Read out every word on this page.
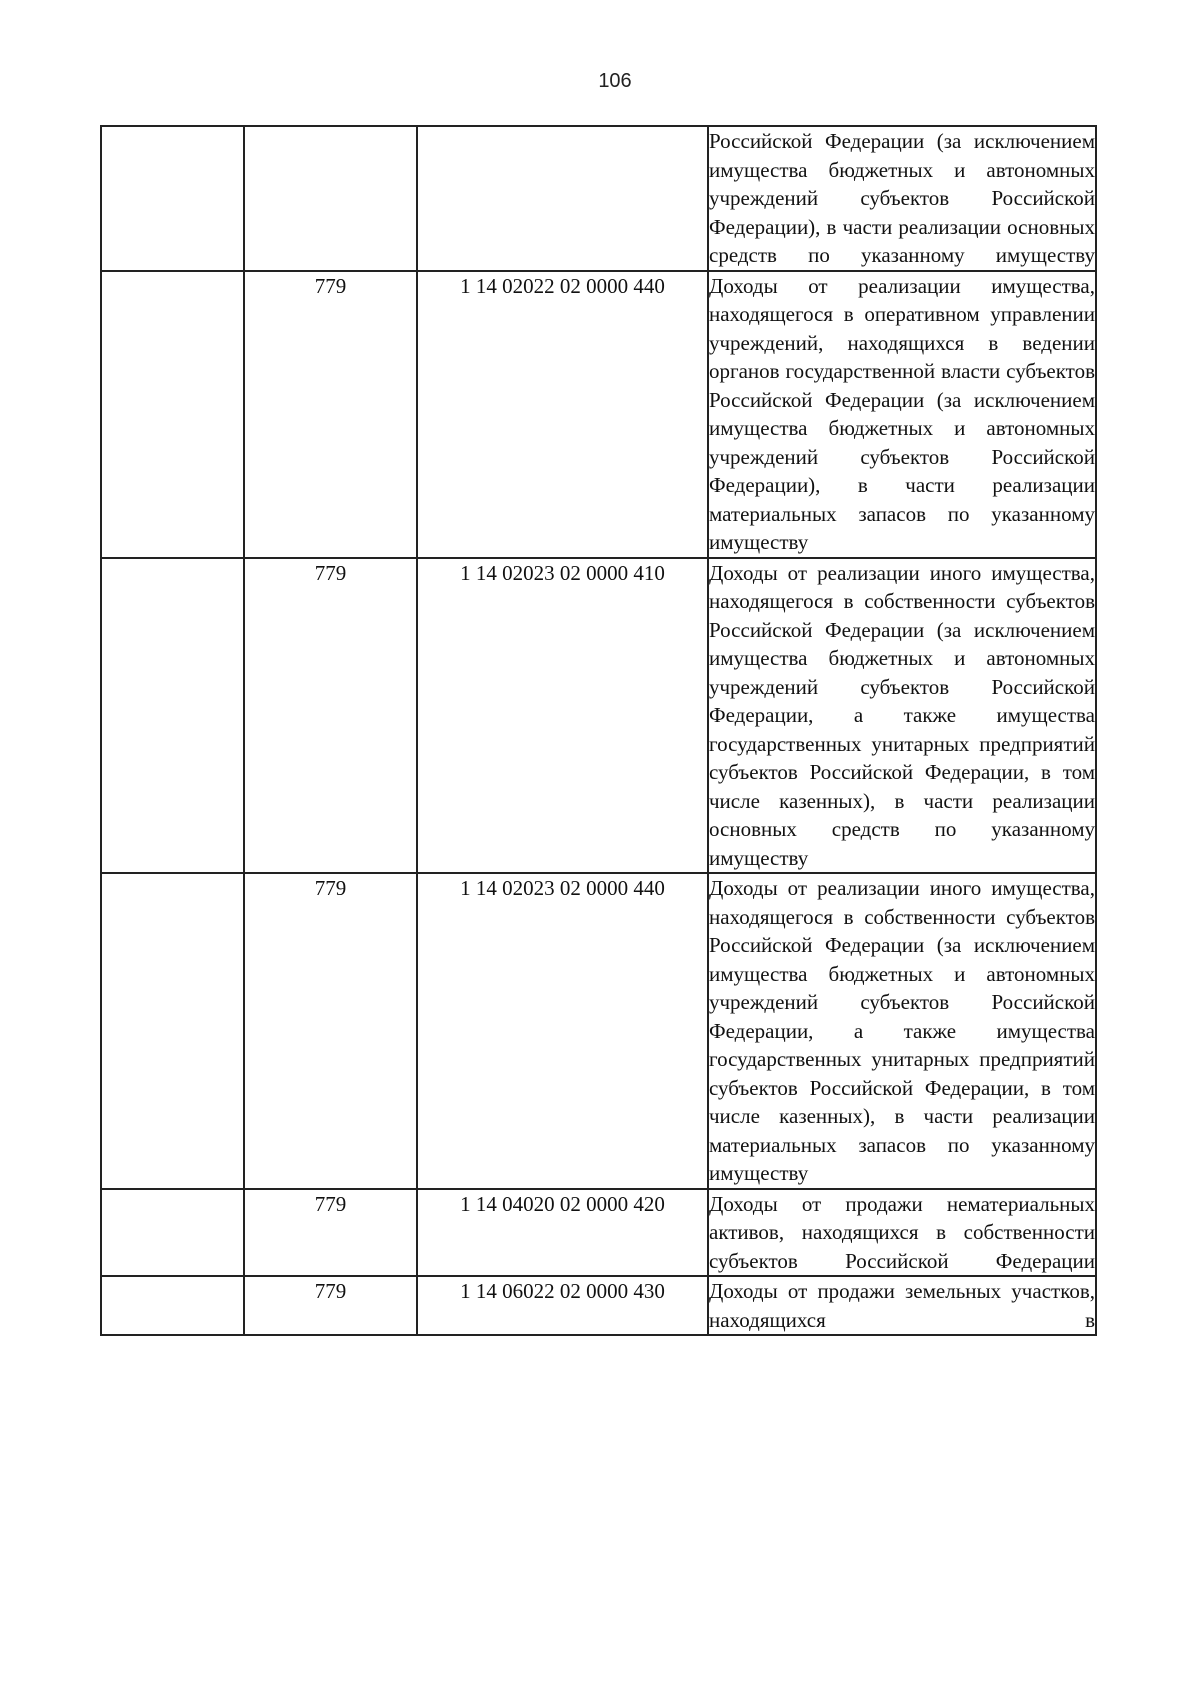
106

			Российской Федерации (за исключением имущества бюджетных и автономных учреждений субъектов Российской Федерации), в части реализации основных средств по указанному имуществу

	779	1 14 02022 02 0000 440	Доходы от реализации имущества, находящегося в оперативном управлении учреждений, находящихся в ведении органов государственной власти субъектов Российской Федерации (за исключением имущества бюджетных и автономных учреждений субъектов Российской Федерации), в части реализации материальных запасов по указанному имуществу

	779	1 14 02023 02 0000 410	Доходы от реализации иного имущества, находящегося в собственности субъектов Российской Федерации (за исключением имущества бюджетных и автономных учреждений субъектов Российской Федерации, а также имущества государственных унитарных предприятий субъектов Российской Федерации, в том числе казенных), в части реализации основных средств по указанному имуществу

	779	1 14 02023 02 0000 440	Доходы от реализации иного имущества, находящегося в собственности субъектов Российской Федерации (за исключением имущества бюджетных и автономных учреждений субъектов Российской Федерации, а также имущества государственных унитарных предприятий субъектов Российской Федерации, в том числе казенных), в части реализации материальных запасов по указанному имуществу

	779	1 14 04020 02 0000 420	Доходы от продажи нематериальных активов, находящихся в собственности субъектов Российской Федерации

	779	1 14 06022 02 0000 430	Доходы от продажи земельных участков, находящихся в
